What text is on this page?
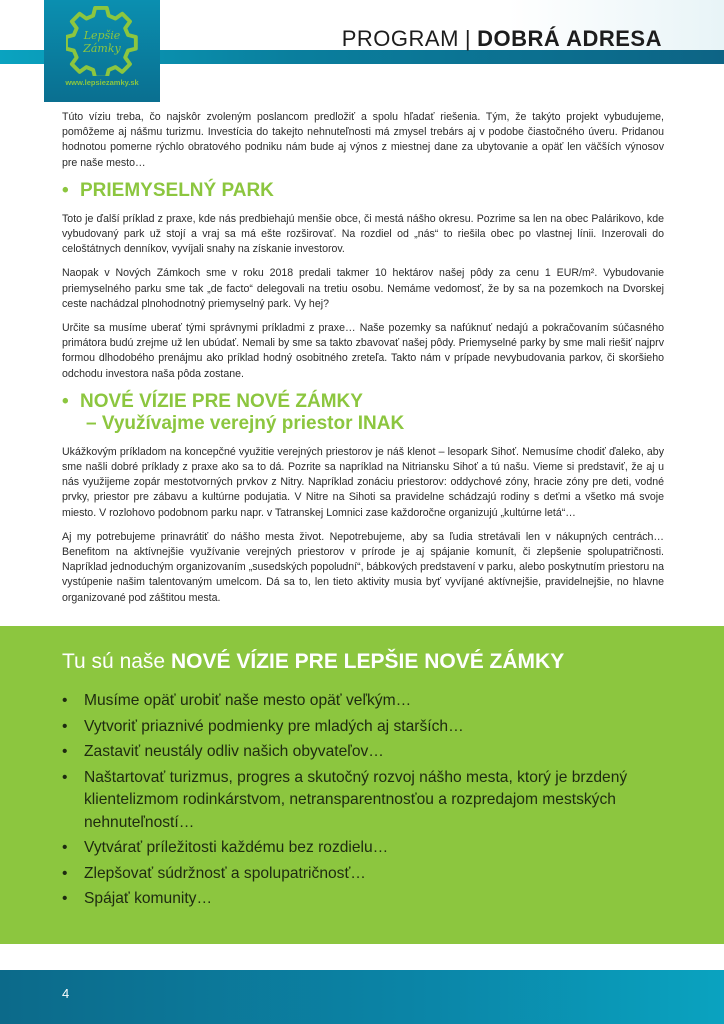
PROGRAM | DOBRÁ ADRESA
Lepšie
Zámky
www.lepsiezamky.sk

Túto víziu treba, čo najskôr zvoleným poslancom predložiť a spolu hľadať riešenia. Tým, že takýto projekt vybudujeme, pomôžeme aj nášmu turizmu. Investícia do takejto nehnuteľnosti má zmysel trebárs aj v podobe čiastočného úveru. Pridanou hodnotou pomerne rýchlo obratového podniku nám bude aj výnos z miestnej dane za ubytovanie a opäť len väčších výnosov pre naše mesto…

• PRIEMYSELNÝ PARK

Toto je ďalší príklad z praxe, kde nás predbiehajú menšie obce, či mestá nášho okresu. Pozrime sa len na obec Palárikovo, kde vybudovaný park už stojí a vraj sa má ešte rozširovať. Na rozdiel od „nás“ to riešila obec po vlastnej línii. Inzerovali do celoštátnych denníkov, vyvíjali snahy na získanie investorov.

Naopak v Nových Zámkoch sme v roku 2018 predali takmer 10 hektárov našej pôdy za cenu 1 EUR/m². Vybudovanie priemyselného parku sme tak „de facto“ delegovali na tretiu osobu. Nemáme vedomosť, že by sa na pozemkoch na Dvorskej ceste nachádzal plnohodnotný priemyselný park. Vy hej?

Určite sa musíme uberať tými správnymi príkladmi z praxe… Naše pozemky sa nafúknuť nedajú a pokračovaním súčasného primátora budú zrejme už len ubúdať. Nemali by sme sa takto zbavovať našej pôdy. Priemyselné parky by sme mali riešiť najprv formou dlhodobého prenájmu ako príklad hodný osobitného zreteľa. Takto nám v prípade nevybudovania parkov, či skoršieho odchodu investora naša pôda zostane.

• NOVÉ VÍZIE PRE NOVÉ ZÁMKY
– Využívajme verejný priestor INAK

Ukážkovým príkladom na koncepčné využitie verejných priestorov je náš klenot – lesopark Sihoť. Nemusíme chodiť ďaleko, aby sme našli dobré príklady z praxe ako sa to dá. Pozrite sa napríklad na Nitriansku Sihoť a tú našu. Vieme si predstaviť, že aj u nás využijeme zopár mestotvorných prvkov z Nitry. Napríklad zonáciu priestorov: oddychové zóny, hracie zóny pre deti, vodné prvky, priestor pre zábavu a kultúrne podujatia. V Nitre na Sihoti sa pravidelne schádzajú rodiny s deťmi a všetko má svoje miesto. V rozlohovo podobnom parku napr. v Tatranskej Lomnici zase každoročne organizujú „kultúrne letá“…

Aj my potrebujeme prinavrátiť do nášho mesta život. Nepotrebujeme, aby sa ľudia stretávali len v nákupných centrách… Benefitom na aktívnejšie využívanie verejných priestorov v prírode je aj spájanie komunít, či zlepšenie spolupatričnosti. Napríklad jednoduchým organizovaním „susedských popoludní“, bábkových predstavení v parku, alebo poskytnutím priestoru na vystúpenie našim talentovaným umelcom. Dá sa to, len tieto aktivity musia byť vyvíjané aktívnejšie, pravidelnejšie, no hlavne organizované pod záštitou mesta.

Tu sú naše NOVÉ VÍZIE PRE LEPŠIE NOVÉ ZÁMKY
• Musíme opäť urobiť naše mesto opäť veľkým…
• Vytvoriť priaznivé podmienky pre mladých aj starších…
• Zastaviť neustály odliv našich obyvateľov…
• Naštartovať turizmus, progres a skutočný rozvoj nášho mesta, ktorý je brzdený klientelizmom rodinkárstvom, netransparentnosťou a rozpredajom mestských nehnuteľností…
• Vytvárať príležitosti každému bez rozdielu…
• Zlepšovať súdržnosť a spolupatričnosť…
• Spájať komunity…
4
